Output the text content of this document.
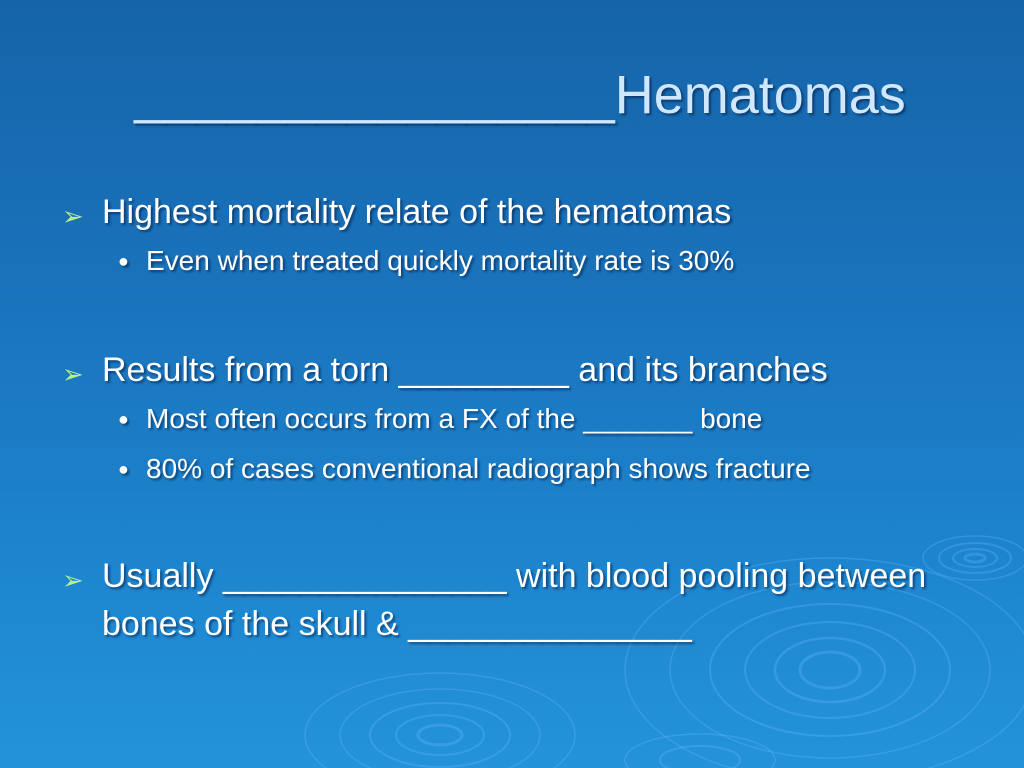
________________Hematomas
➢ Highest mortality relate of the hematomas
● Even when treated quickly mortality rate is 30%
➢ Results from a torn _________ and its branches
● Most often occurs from a FX of the _______ bone
● 80% of cases conventional radiograph shows fracture
➢ Usually _______________ with blood pooling between bones of the skull & _______________
